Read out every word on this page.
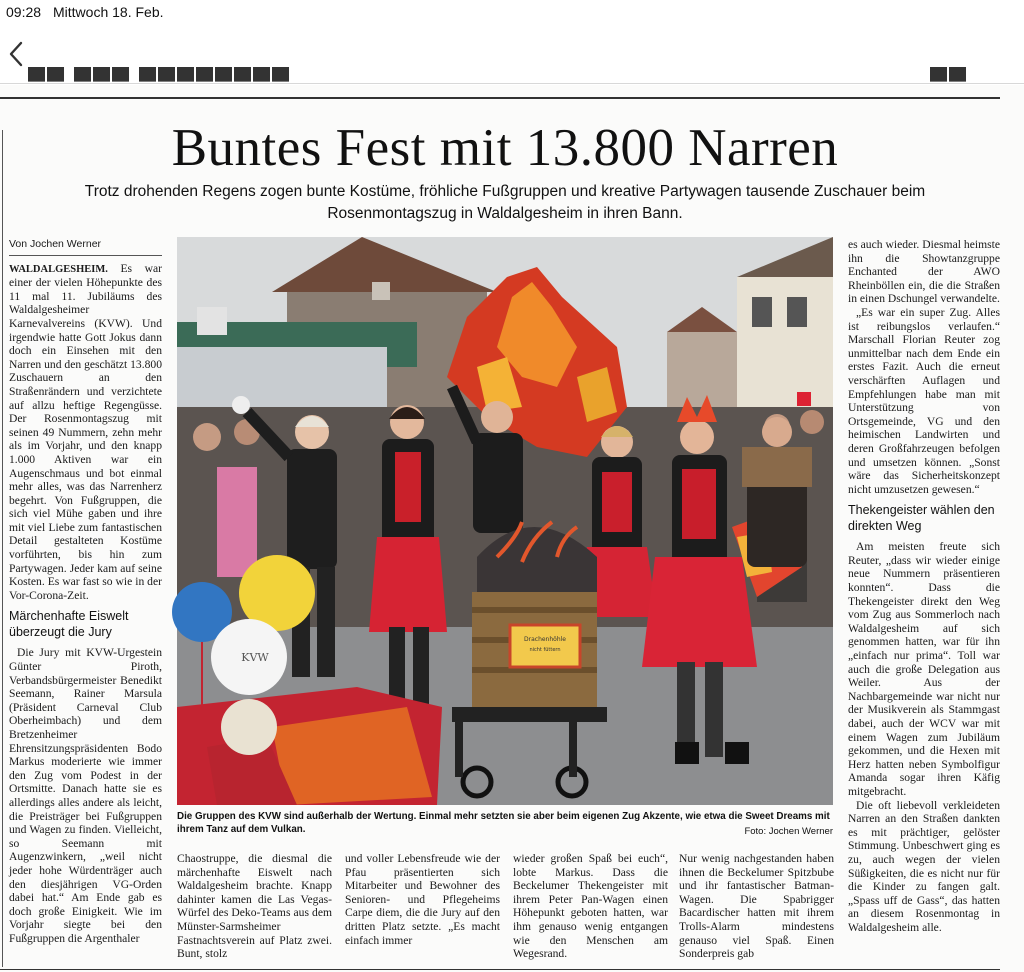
09:28 Mittwoch 18. Feb.
▀▀ ▀▀▀ ▀▀▀▀▀▀▀▀	▀▀
Buntes Fest mit 13.800 Narren
Trotz drohenden Regens zogen bunte Kostüme, fröhliche Fußgruppen und kreative Partywagen tausende Zuschauer beim Rosenmontagszug in Waldalgesheim in ihren Bann.
Von Jochen Werner

WALDALGESHEIM. Es war einer der vielen Höhepunkte des 11 mal 11. Jubiläums des Waldalgesheimer Karnevalvereins (KVW). Und irgendwie hatte Gott Jokus dann doch ein Einsehen mit den Narren und den geschätzt 13.800 Zuschauern an den Straßenrändern und verzichtete auf allzu heftige Regengüsse. Der Rosenmontagszug mit seinen 49 Nummern, zehn mehr als im Vorjahr, und den knapp 1.000 Aktiven war ein Augenschmaus und bot einmal mehr alles, was das Narrenherz begehrt. Von Fußgruppen, die sich viel Mühe gaben und ihre mit viel Liebe zum fantastischen Detail gestalteten Kostüme vorführten, bis hin zum Partywagen. Jeder kam auf seine Kosten. Es war fast so wie in der Vor-Corona-Zeit.

Märchenhafte Eiswelt überzeugt die Jury

Die Jury mit KVW-Urgestein Günter Piroth, Verbandsbürgermeister Benedikt Seemann, Rainer Marsula (Präsident Carneval Club Oberheimbach) und dem Bretzenheimer Ehrensitzungspräsidenten Bodo Markus moderierte wie immer den Zug vom Podest in der Ortsmitte. Danach hatte sie es allerdings alles andere als leicht, die Preisträger bei Fußgruppen und Wagen zu finden. Vielleicht, so Seemann mit Augenzwinkern, „weil nicht jeder hohe Würdenträger auch den diesjährigen VG-Orden dabei hat.“ Am Ende gab es doch große Einigkeit. Wie im Vorjahr siegte bei den Fußgruppen die Argenthaler

Drachenhöhle
nicht füttern
KVW
Die Gruppen des KVW sind außerhalb der Wertung. Einmal mehr setzten sie aber beim eigenen Zug Akzente, wie etwa die Sweet Dreams mit ihrem Tanz auf dem Vulkan.	Foto: Jochen Werner

Chaostruppe, die diesmal die märchenhafte Eiswelt nach Waldalgesheim brachte. Knapp dahinter kamen die Las Vegas-Würfel des Deko-Teams aus dem Münster-Sarmsheimer Fastnachtsverein auf Platz zwei. Bunt, stolz

und voller Lebensfreude wie der Pfau präsentierten sich Mitarbeiter und Bewohner des Senioren- und Pflegeheims Carpe diem, die die Jury auf den dritten Platz setzte. „Es macht einfach immer

wieder großen Spaß bei euch“, lobte Markus. Dass die Beckelumer Thekengeister mit ihrem Peter Pan-Wagen einen Höhepunkt geboten hatten, war ihm genauso wenig entgangen wie den Menschen am Wegesrand.

Nur wenig nachgestanden haben ihnen die Beckelumer Spitzbube und ihr fantastischer Batman-Wagen. Die Spabrigger Bacardischer hatten mit ihrem Trolls-Alarm mindestens genauso viel Spaß. Einen Sonderpreis gab

es auch wieder. Diesmal heimste ihn die Showtanzgruppe Enchanted der AWO Rheinböllen ein, die die Straßen in einen Dschungel verwandelte.

„Es war ein super Zug. Alles ist reibungslos verlaufen.“ Marschall Florian Reuter zog unmittelbar nach dem Ende ein erstes Fazit. Auch die erneut verschärften Auflagen und Empfehlungen habe man mit Unterstützung von Ortsgemeinde, VG und den heimischen Landwirten und deren Großfahrzeugen befolgen und umsetzen können. „Sonst wäre das Sicherheitskonzept nicht umzusetzen gewesen.“

Thekengeister wählen den direkten Weg

Am meisten freute sich Reuter, „dass wir wieder einige neue Nummern präsentieren konnten“. Dass die Thekengeister direkt den Weg vom Zug aus Sommerloch nach Waldalgesheim auf sich genommen hatten, war für ihn „einfach nur prima“. Toll war auch die große Delegation aus Weiler. Aus der Nachbargemeinde war nicht nur der Musikverein als Stammgast dabei, auch der WCV war mit einem Wagen zum Jubiläum gekommen, und die Hexen mit Herz hatten neben Symbolfigur Amanda sogar ihren Käfig mitgebracht.

Die oft liebevoll verkleideten Narren an den Straßen dankten es mit prächtiger, gelöster Stimmung. Unbeschwert ging es zu, auch wegen der vielen Süßigkeiten, die es nicht nur für die Kinder zu fangen galt. „Spass uff de Gass“, das hatten an diesem Rosenmontag in Waldalgesheim alle.
